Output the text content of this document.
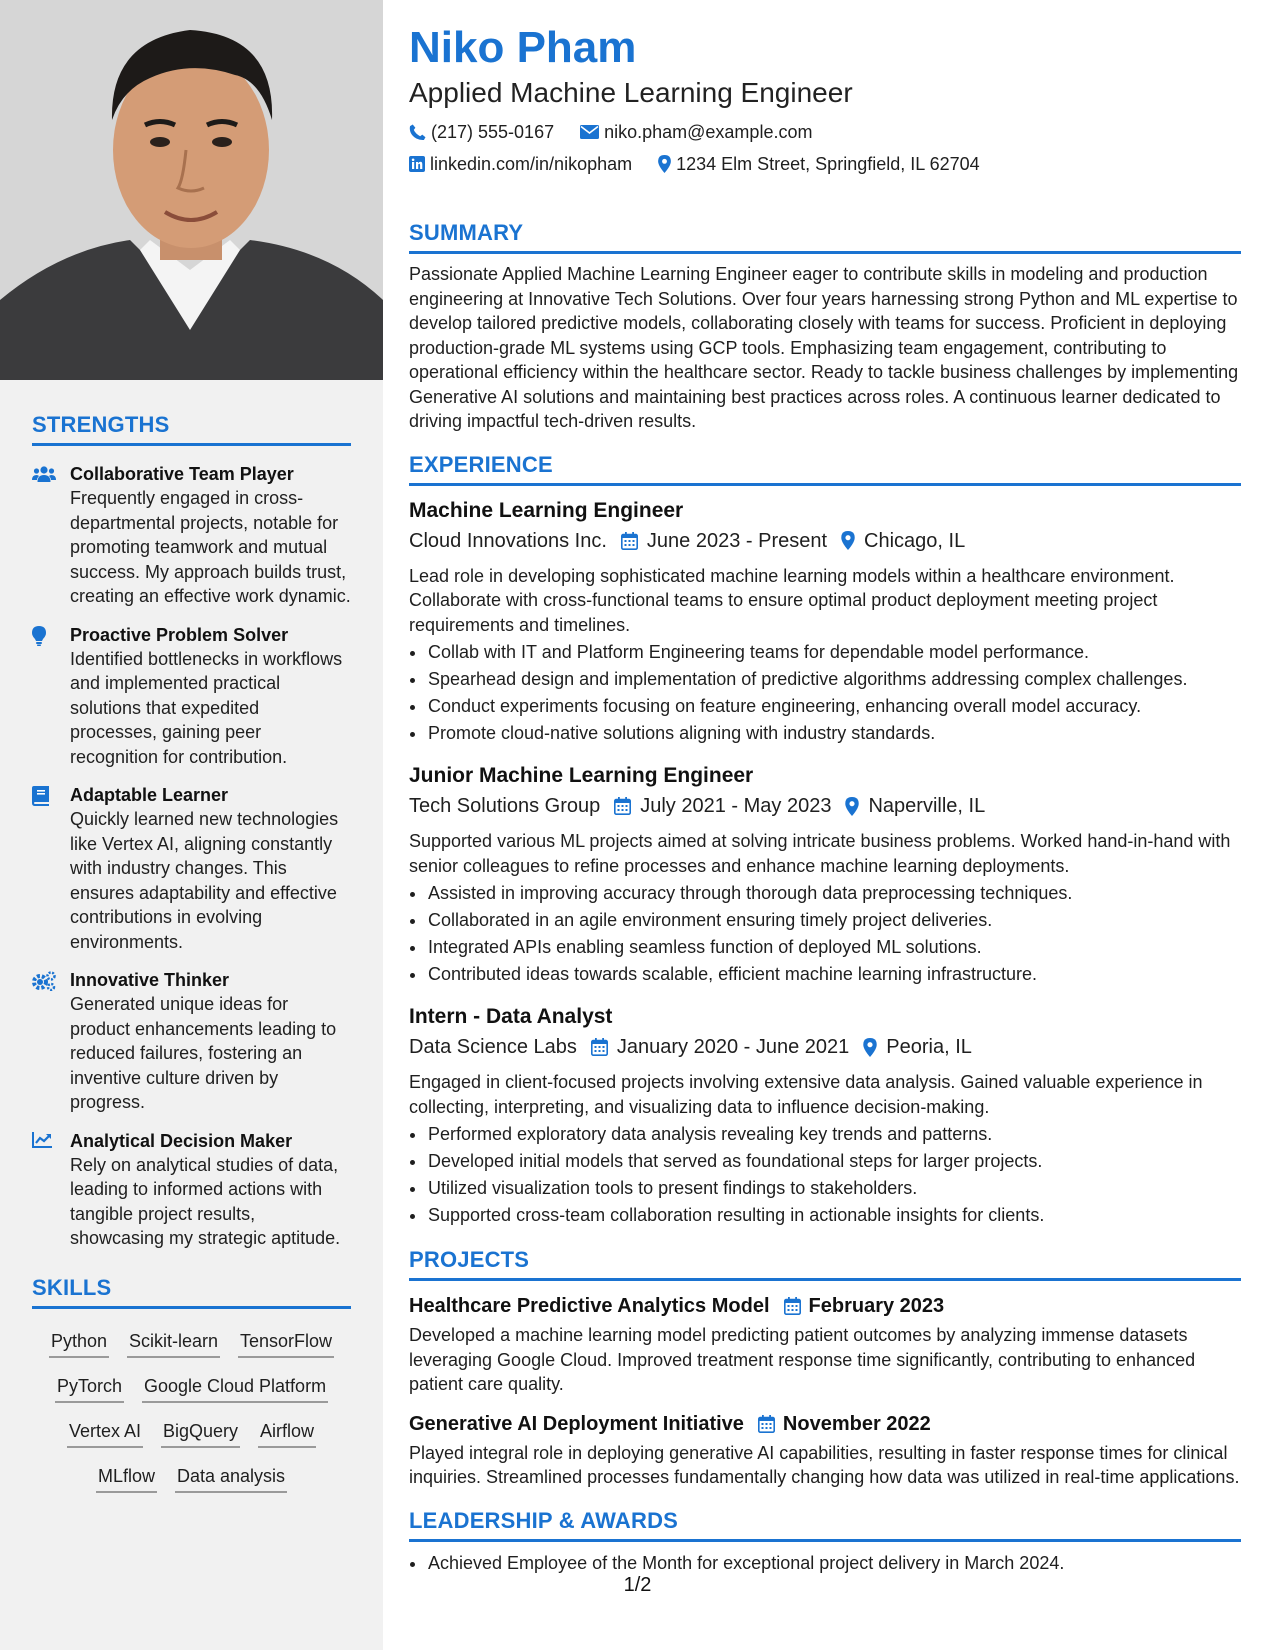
STRENGTHS
Collaborative Team Player
Frequently engaged in cross-departmental projects, notable for promoting teamwork and mutual success. My approach builds trust, creating an effective work dynamic.
Proactive Problem Solver
Identified bottlenecks in workflows and implemented practical solutions that expedited processes, gaining peer recognition for contribution.
Adaptable Learner
Quickly learned new technologies like Vertex AI, aligning constantly with industry changes. This ensures adaptability and effective contributions in evolving environments.
Innovative Thinker
Generated unique ideas for product enhancements leading to reduced failures, fostering an inventive culture driven by progress.
Analytical Decision Maker
Rely on analytical studies of data, leading to informed actions with tangible project results, showcasing my strategic aptitude.
SKILLS
Python Scikit-learn TensorFlow
PyTorch Google Cloud Platform
Vertex AI BigQuery Airflow
MLflow Data analysis
Niko Pham
Applied Machine Learning Engineer
(217) 555-0167	niko.pham@example.com
linkedin.com/in/nikopham 1234 Elm Street, Springfield, IL 62704
SUMMARY
Passionate Applied Machine Learning Engineer eager to contribute skills in modeling and production engineering at Innovative Tech Solutions. Over four years harnessing strong Python and ML expertise to develop tailored predictive models, collaborating closely with teams for success. Proficient in deploying production-grade ML systems using GCP tools. Emphasizing team engagement, contributing to operational efficiency within the healthcare sector. Ready to tackle business challenges by implementing Generative AI solutions and maintaining best practices across roles. A continuous learner dedicated to driving impactful tech-driven results.
EXPERIENCE
Machine Learning Engineer
Cloud Innovations Inc. June 2023 - Present Chicago, IL
Lead role in developing sophisticated machine learning models within a healthcare environment. Collaborate with cross-functional teams to ensure optimal product deployment meeting project requirements and timelines.
• Collab with IT and Platform Engineering teams for dependable model performance.
• Spearhead design and implementation of predictive algorithms addressing complex challenges.
• Conduct experiments focusing on feature engineering, enhancing overall model accuracy.
• Promote cloud-native solutions aligning with industry standards.
Junior Machine Learning Engineer
Tech Solutions Group July 2021 - May 2023 Naperville, IL
Supported various ML projects aimed at solving intricate business problems. Worked hand-in-hand with senior colleagues to refine processes and enhance machine learning deployments.
• Assisted in improving accuracy through thorough data preprocessing techniques.
• Collaborated in an agile environment ensuring timely project deliveries.
• Integrated APIs enabling seamless function of deployed ML solutions.
• Contributed ideas towards scalable, efficient machine learning infrastructure.
Intern - Data Analyst
Data Science Labs January 2020 - June 2021 Peoria, IL
Engaged in client-focused projects involving extensive data analysis. Gained valuable experience in collecting, interpreting, and visualizing data to influence decision-making.
• Performed exploratory data analysis revealing key trends and patterns.
• Developed initial models that served as foundational steps for larger projects.
• Utilized visualization tools to present findings to stakeholders.
• Supported cross-team collaboration resulting in actionable insights for clients.
PROJECTS
Healthcare Predictive Analytics Model February 2023
Developed a machine learning model predicting patient outcomes by analyzing immense datasets leveraging Google Cloud. Improved treatment response time significantly, contributing to enhanced patient care quality.
Generative AI Deployment Initiative November 2022
Played integral role in deploying generative AI capabilities, resulting in faster response times for clinical inquiries. Streamlined processes fundamentally changing how data was utilized in real-time applications.
LEADERSHIP & AWARDS
• Achieved Employee of the Month for exceptional project delivery in March 2024.
1/2
